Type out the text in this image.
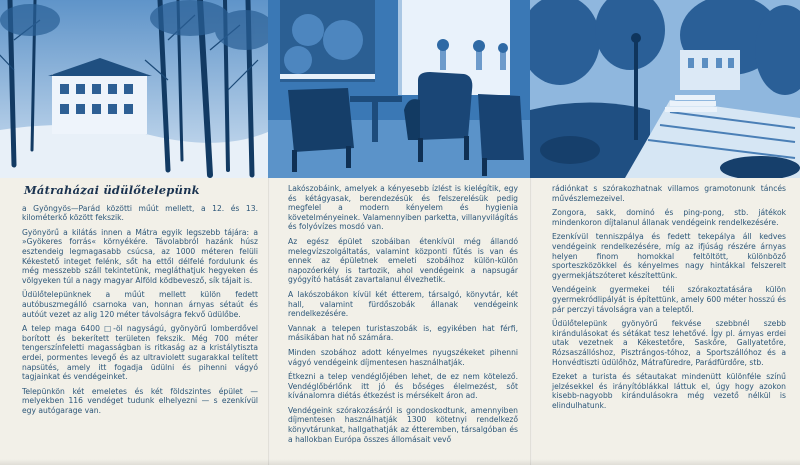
Mátraházai üdülőtelepünk

a Gyöngyös—Parád közötti műút mellett, a 12. és 13. kilométerkő között fekszik.

Gyönyörű a kilátás innen a Mátra egyik legszebb tájára: a »Gyökeres forrás« környékére. Távolabbról hazánk húsz esztendeig legmagasabb csúcsa, az 1000 méteren felüli Kékestető integet felénk, sőt ha ettől délfelé fordulunk és még messzebb száll tekintetünk, megláthatjuk hegyeken és völgyeken túl a nagy magyar Alföld ködbevesző, sík tájait is.

Üdülőtelepünknek a műút mellett külön fedett autóbuszmegálló csarnoka van, honnan árnyas sétaút és autóút vezet az alig 120 méter távolságra fekvő üdülőbe.

A telep maga 6400 □-öl nagyságú, gyönyörű lomberdővel borított és bekerített területen fekszik. Még 700 méter tengerszínfeletti magasságban is ritkaság az a kristálytiszta erdei, pormentes levegő és az ultraviolett sugarakkal telített napsütés, amely itt fogadja üdülni és pihenni vágyó tagjainkat és vendégeinket.

Telepünkön két emeletes és két földszintes épület — melyekben 116 vendéget tudunk elhelyezni — s ezenkívül egy autógarage van.

Lakószobáink, amelyek a kényesebb ízlést is kielégítik, egy és kétágyasak, berendezésük és felszerelésük pedig megfelel a modern kényelem és hygienia követelményeinek. Valamennyiben parketta, villanyvilágítás és folyóvízes mosdó van.

Az egész épület szobáiban étenkívül még állandó melegvízszolgáltatás, valamint központi fűtés is van és ennek az épületnek emeleti szobáihoz külön-külön napozóerkély is tartozik, ahol vendégeink a napsugár gyógyító hatását zavartalanul élvezhetik.

A lakószobákon kívül két étterem, társalgó, könyvtár, két hall, valamint fürdőszobák állanak vendégeink rendelkezésére.

Vannak a telepen turistaszobák is, egyikében hat férfi, másikában hat nő számára.

Minden szobához adott kényelmes nyugszékeket pihenni vágyó vendégeink díjmentesen használhatják.

Étkezni a telep vendéglőjében lehet, de ez nem kötelező. Vendéglőbérlőnk itt jó és bőséges élelmezést, sőt kívánalomra diétás étkezést is mérsékelt áron ad.

Vendégeink szórakozásáról is gondoskodtunk, amennyiben díjmentesen használhatják 1300 kötetnyi rendelkező könyvtárunkat, hallgathatják az étteremben, társalgóban és a hallokban Európa összes állomásait vevő

rádiónkat s szórakozhatnak villamos gramotonunk táncés művészlemezeivel.

Zongora, sakk, dominó és ping-pong, stb. játékok mindenkoron díjtalanul állanak vendégeink rendelkezésére.

Ezenkívül tenniszpálya és fedett tekepálya áll kedves vendégeink rendelkezésére, míg az ifjúság részére árnyas helyen finom homokkal feltöltött, különböző sporteszközökkel és kényelmes nagy hintákkal felszerelt gyermekjátszóteret készítettünk.

Vendégeink gyermekei téli szórakoztatására külön gyermekródlipályát is építettünk, amely 600 méter hosszú és pár perczyi távolságra van a teleptől.

Üdülőtelepünk gyönyörű fekvése szebbnél szebb kirándulásokat és sétákat tesz lehetővé. Így pl. árnyas erdei utak vezetnek a Kékestetőre, Saskőre, Gallyatetőre, Rózsaszállóshoz, Pisztrángos-tóhoz, a Sportszállóhoz és a Honvédtiszti üdülőhöz, Mátrafüredre, Parádfürdőre, stb.

Ezeket a turista és sétautakat mindenütt különféle színű jelzésekkel és irányítóblákkal láttuk el, úgy hogy azokon kisebb-nagyobb kirándulásokra még vezető nélkül is elindulhatunk.
